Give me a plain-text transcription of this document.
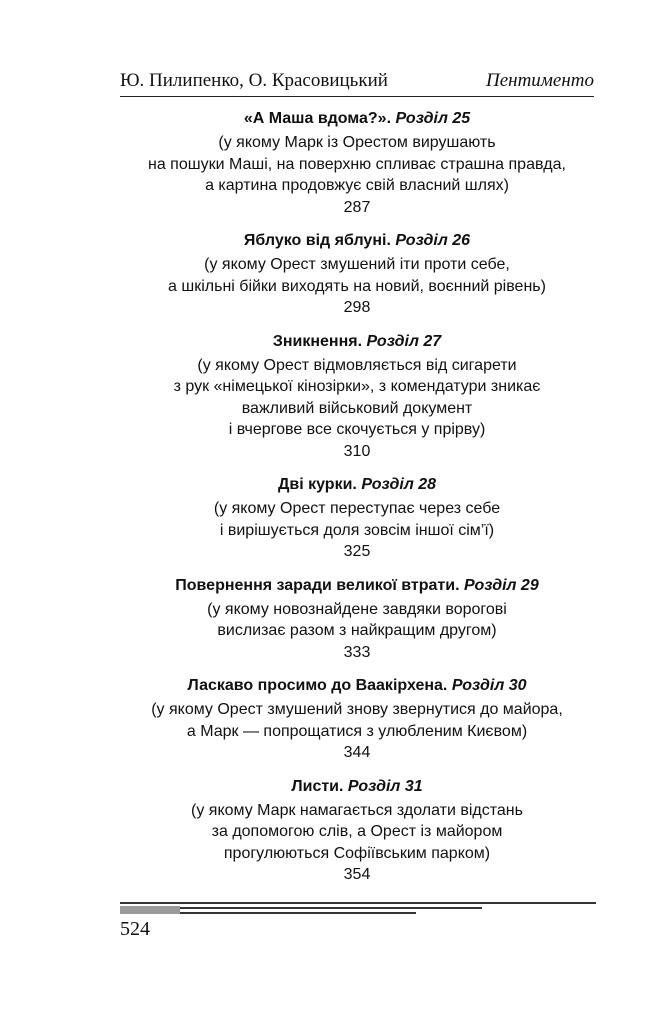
Ю. Пилипенко, О. Красовицький	Пентименто
«А Маша вдома?». Розділ 25
(у якому Марк із Орестом вирушають
на пошуки Маші, на поверхню спливає страшна правда,
а картина продовжує свій власний шлях)
287
Яблуко від яблуні. Розділ 26
(у якому Орест змушений іти проти себе,
а шкільні бійки виходять на новий, воєнний рівень)
298
Зникнення. Розділ 27
(у якому Орест відмовляється від сигарети
з рук «німецької кінозірки», з комендатури зникає
важливий військовий документ
і вчергове все скочується у прірву)
310
Дві курки. Розділ 28
(у якому Орест переступає через себе
і вирішується доля зовсім іншої сім’ї)
325
Повернення заради великої втрати. Розділ 29
(у якому новознайдене завдяки ворогові
вислизає разом з найкращим другом)
333
Ласкаво просимо до Ваакірхена. Розділ 30
(у якому Орест змушений знову звернутися до майора,
а Марк — попрощатися з улюбленим Києвом)
344
Листи. Розділ 31
(у якому Марк намагається здолати відстань
за допомогою слів, а Орест із майором
прогулюються Софіївським парком)
354
524
